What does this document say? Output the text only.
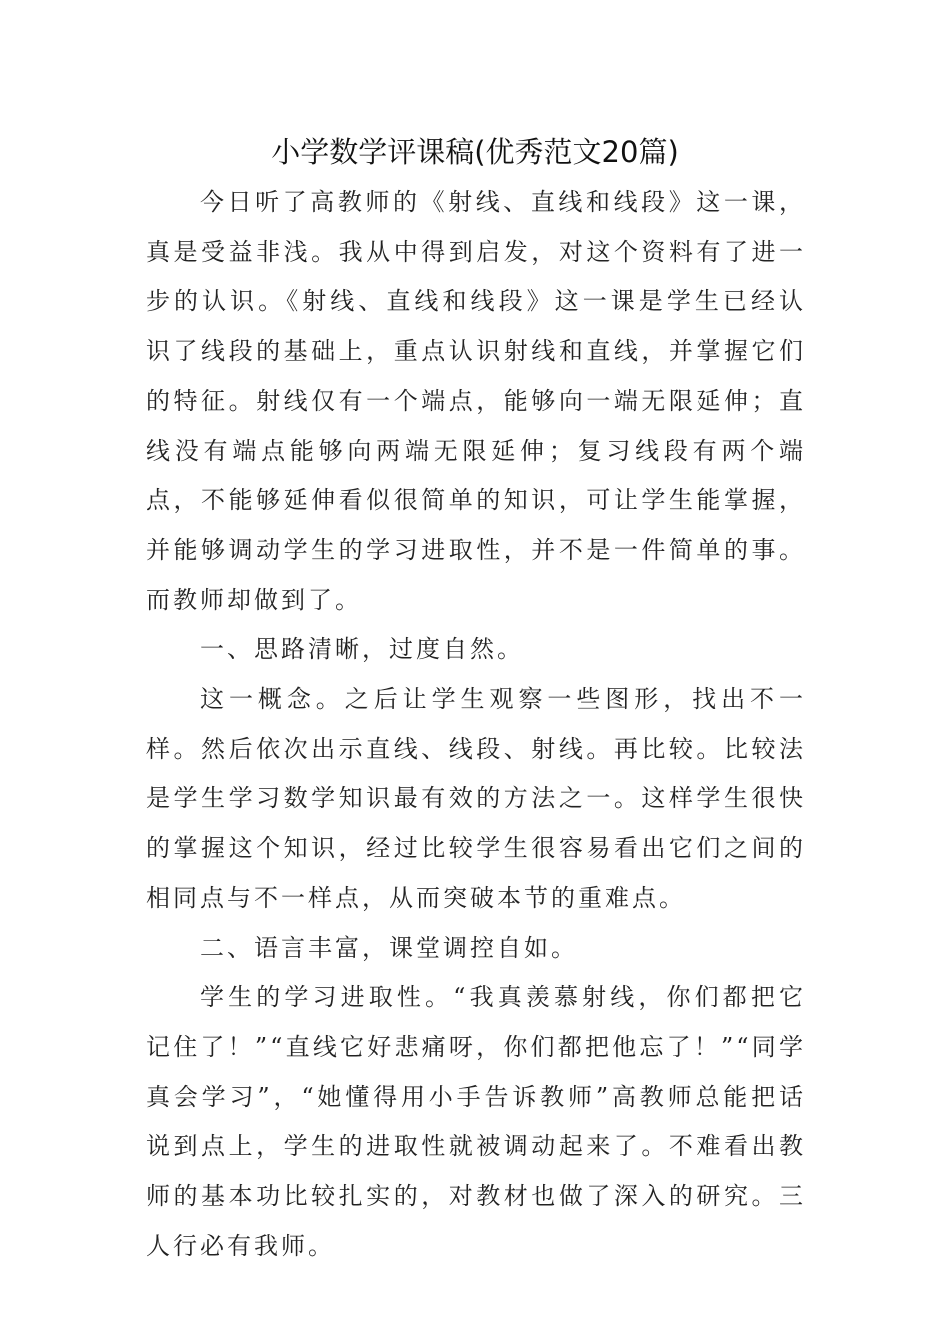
小学数学评课稿(优秀范文20篇)

今日听了高教师的《射线、直线和线段》这一课，真是受益非浅。我从中得到启发，对这个资料有了进一步的认识。《射线、直线和线段》这一课是学生已经认识了线段的基础上，重点认识射线和直线，并掌握它们的特征。射线仅有一个端点，能够向一端无限延伸；直线没有端点能够向两端无限延伸；复习线段有两个端点，不能够延伸看似很简单的知识，可让学生能掌握，并能够调动学生的学习进取性，并不是一件简单的事。而教师却做到了。

一、思路清晰，过度自然。

这一概念。之后让学生观察一些图形，找出不一样。然后依次出示直线、线段、射线。再比较。比较法是学生学习数学知识最有效的方法之一。这样学生很快的掌握这个知识，经过比较学生很容易看出它们之间的相同点与不一样点，从而突破本节的重难点。

二、语言丰富，课堂调控自如。

学生的学习进取性。“我真羡慕射线，你们都把它记住了！”“直线它好悲痛呀，你们都把他忘了！”“同学真会学习”，“她懂得用小手告诉教师”高教师总能把话说到点上，学生的进取性就被调动起来了。不难看出教师的基本功比较扎实的，对教材也做了深入的研究。三人行必有我师。
